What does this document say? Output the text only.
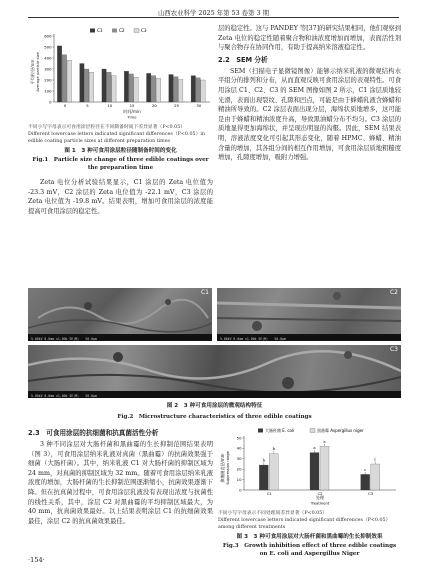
山西农业科学 2025 年第 53 卷第 3 期
平均粒径/nm Average particle size
600
500
400
300
200
100
0
0	5	10	15	20	25	30
时间/min
Time
C1	C2	C3

不同小写字母表示可食用涂层粒径在不同制备时间下差异显著（P<0.05）

Different lowercase letters indicated significant differences（P<0.05）in edible coating particle sizes at different preparation times

图 1　3 种可食用涂层粒径随制备时间的变化

Fig.1　Particle size change of three edible coatings over the preparation time

Zeta 电位分析试验结果显示，C1 涂层的 Zeta 电位值为 -23.3 mV，C2 涂层的 Zeta 电位值为 -22.1 mV，C3 涂层的 Zeta 电位值为 -19.8 mV。结果表明，增加可食用涂层的浓度能提高可食用涂层的稳定性。

层的稳定性。这与 PANDEY 等[37]的研究结果相同，他们观察到 Zeta 电位的稳定性随着聚合物和油浓度增加而增加，表面活性剂与聚合物存在协同作用，有助于提高纳米溶液稳定性。

2.2　SEM 分析

SEM（扫描电子显微镜图像）能够示纳米乳液的微观结构水平组分的排列和分布，从而直观反映可食用涂层的表观特性。可食用涂层 C1、C2、C3 的 SEM 图像如图 2 所示，C1 涂层质地较光滑，表面出现裂纹、孔隙和凹点，可能是由于蜂蜡乳液含蜂蜡和精油所导致的。C2 涂层表面出现分层，海绵状质地增多，这可能是由于蜂蜡和精油浓度升高，导致黑油蜡分布不均匀。C3 涂层的质地显得更加海绵状，并呈现出明显的沟壑。因此，SEM 结果表明，溶液浓度变化可引起其形态变化，随着 HPMC、蜂蜡、精油含量的增加，其各组分间的相互作用增加，可食用涂层质地粗糙度增加，孔隙度增加，吸附力增强。

C1
5.00kV 8.0mm x1.00k SE(M)　　50.0μm
C2
5.00kV 8.0mm x1.00k SE(M)　　50.0μm
C3
5.00kV 8.0mm x1.00k SE(M)　　50.0μm

图 2　3 种可食用涂层的微观结构特征

Fig.2　Microstructure characteristics of three edible coatings

2.3　可食用涂层的抗细菌和抗真菌活性分析

3 种不同涂层对大肠杆菌和黑曲霉的生长抑制范围结果表明（图 3），可食用涂层纳米乳液对真菌（黑曲霉）的抗菌效果强于细菌（大肠杆菌）。其中，纳米乳液 C1 对大肠杆菌的抑制区域为 24 mm，对真菌的抑制区域为 32 mm。随着可食用涂层纳米乳液浓度的增加，大肠杆菌的生长抑制范围逐渐缩小，抗菌效果逐渐下降。但在抗真菌过程中，可食用涂层乳液没有表现出浓度与抗菌性的线性关系，其中，涂层 C2 对黑曲霉的平均抑制区域最大，为 40 mm，抗真菌效果最好。以上结果表明涂层 C1 的抗细菌效果最佳，涂层 C2 的抗真菌效果最佳。

抑菌圈直径/mm Suppression range
50
40
30
20
10
0
b
b	a
a
c
c
C1	C2	C3
处理
Treatment
大肠杆菌 E. coli	黑曲霉 Aspergillus niger

不同小写字母表示不同处理间差异显著（P<0.05）

Different lowercase letters indicated significant differences（P<0.05）among different treatments

图 3　3 种可食用涂层对大肠杆菌和黑曲霉的生长抑制效果

Fig.3　Growth inhibition effect of three edible coatings on E. coli and Aspergillus Niger

·154·
